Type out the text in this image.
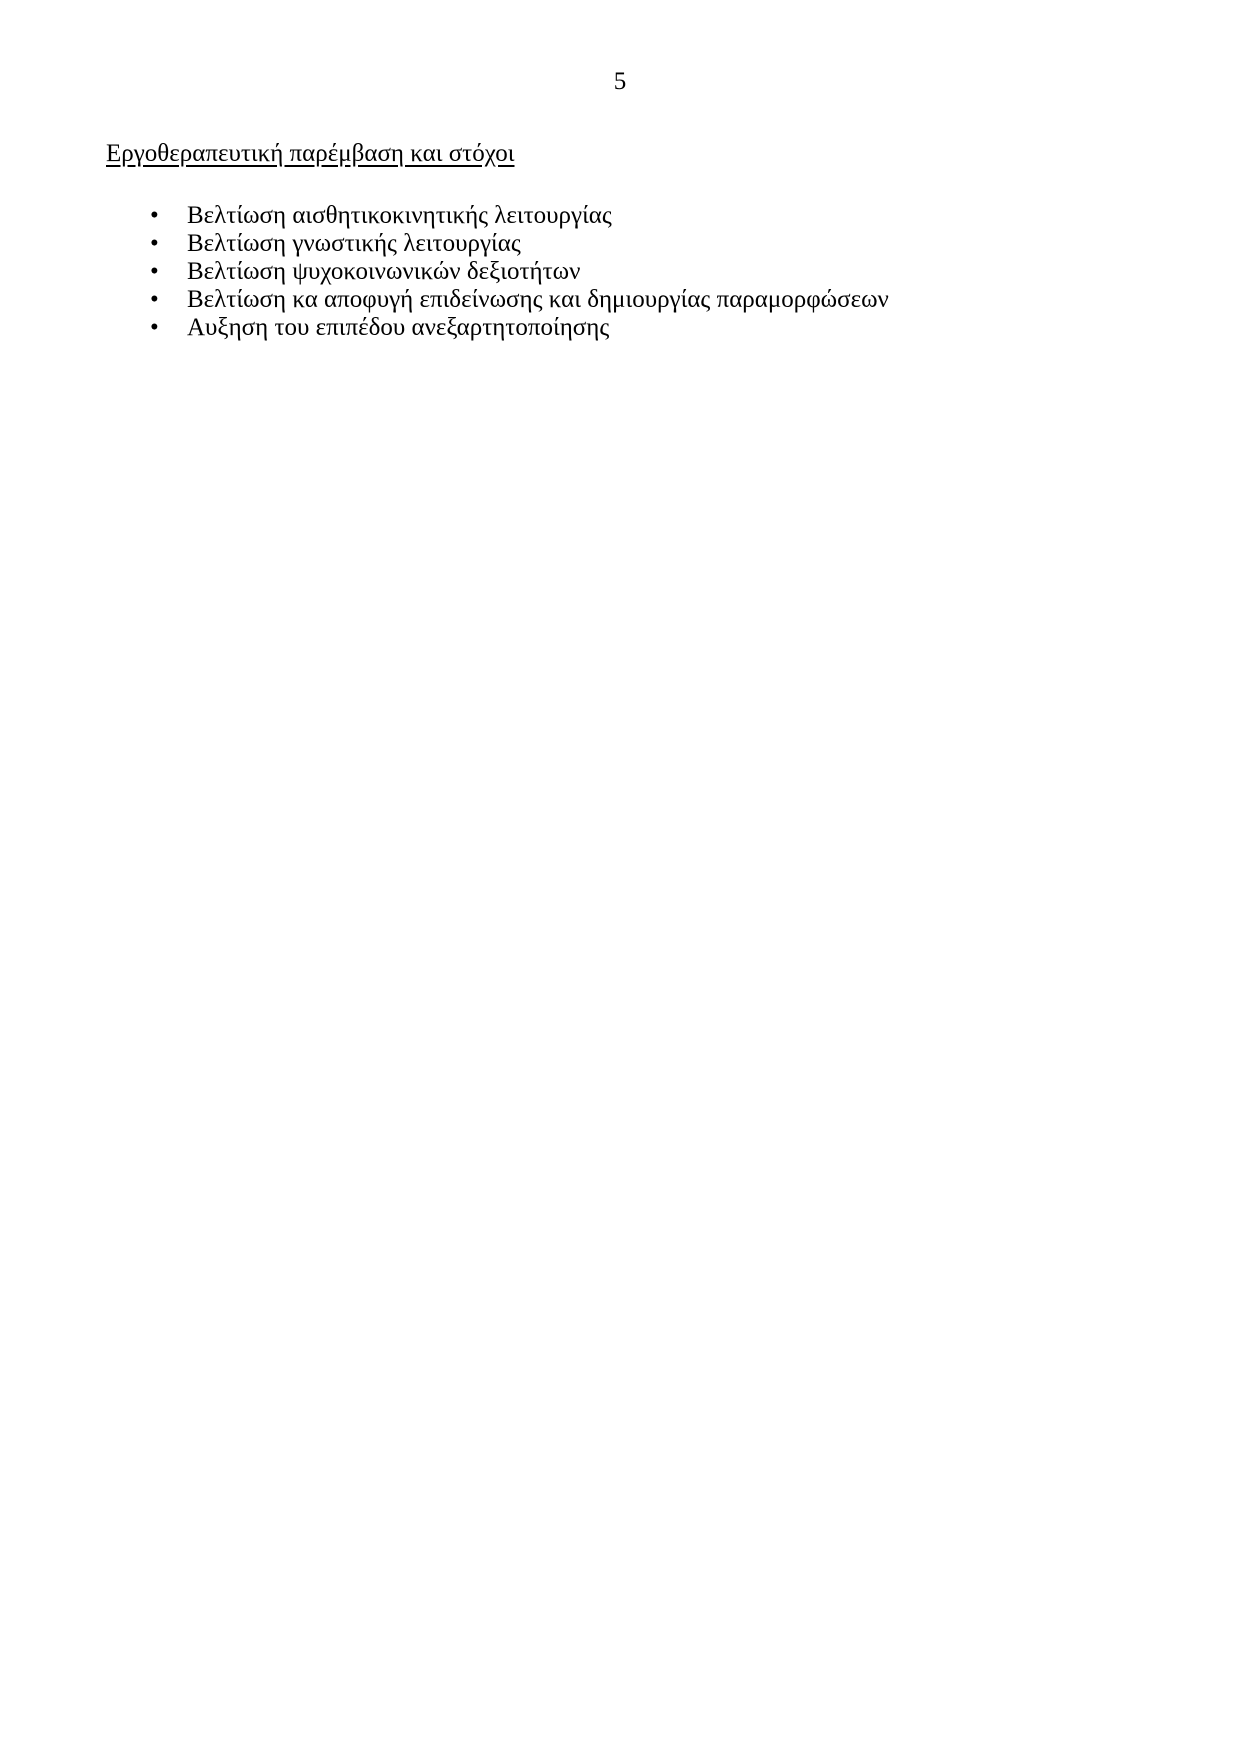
5
Εργοθεραπευτική παρέμβαση και στόχοι
•	Βελτίωση αισθητικοκινητικής λειτουργίας
•	Βελτίωση γνωστικής λειτουργίας
•	Βελτίωση ψυχοκοινωνικών δεξιοτήτων
•	Βελτίωση κα αποφυγή επιδείνωσης και δημιουργίας παραμορφώσεων
•	Αυξηση του επιπέδου ανεξαρτητοποίησης
